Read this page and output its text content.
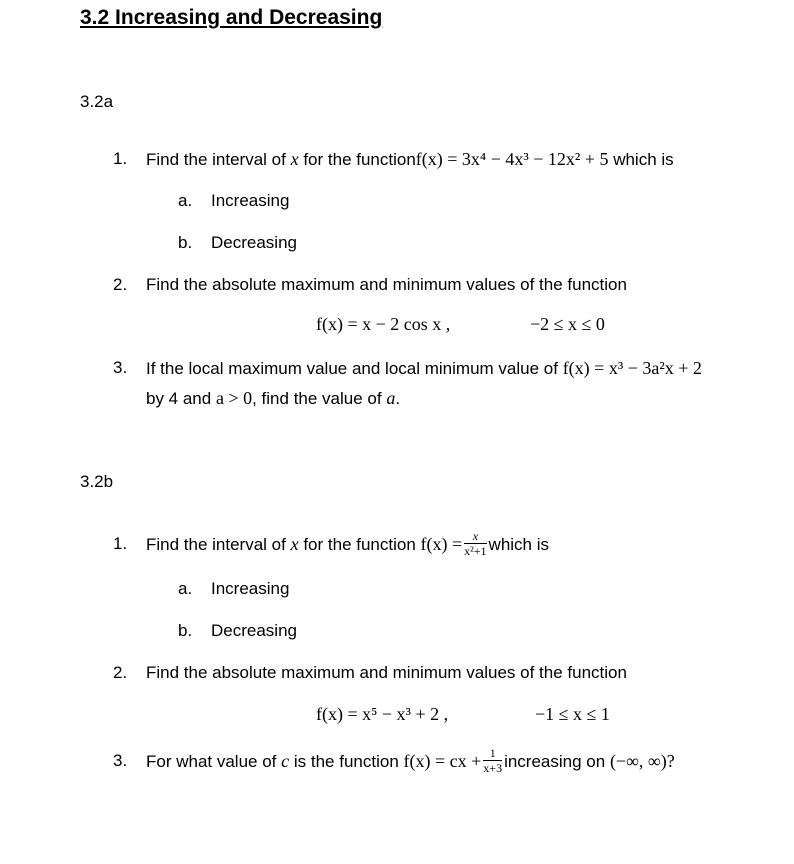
3.2 Increasing and Decreasing
3.2a
1. Find the interval of x for the functionf(x) = 3x⁴ − 4x³ − 12x² + 5 which is
a. Increasing
b. Decreasing
2. Find the absolute maximum and minimum values of the function
f(x) = x − 2 cos x ,	−2 ≤ x ≤ 0
3. If the local maximum value and local minimum value of f(x) = x³ − 3a²x + 2
by 4 and a > 0, find the value of a.
3.2b
1. Find the interval of x for the function $f(x) = \frac{x}{\text{x²+1}}$ which is
a. Increasing
b. Decreasing
2. Find the absolute maximum and minimum values of the function
f(x) = x⁵ − x³ + 2 ,	−1 ≤ x ≤ 1
3. For what value of c is the function f(x) = cx + $\frac{1}{x+3}$ increasing on (−∞, ∞)?
